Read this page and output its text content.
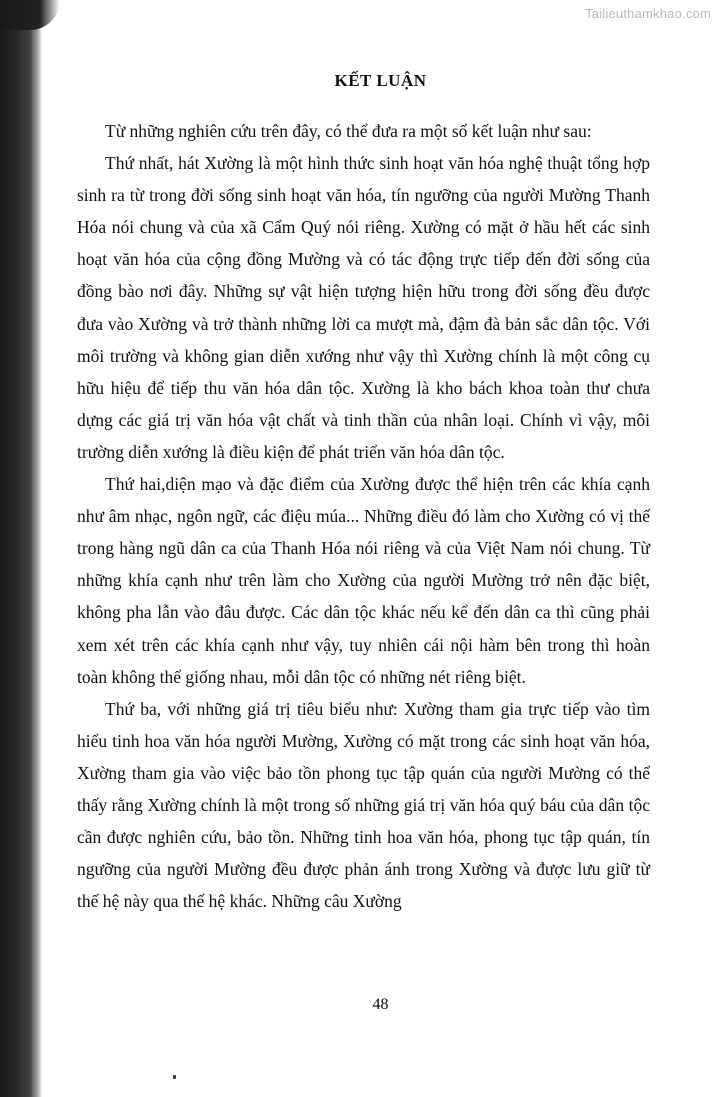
Tailieuthamkhao.com
KẾT LUẬN

Từ những nghiên cứu trên đây, có thể đưa ra một số kết luận như sau:

Thứ nhất, hát Xường là một hình thức sinh hoạt văn hóa nghệ thuật tổng hợp sinh ra từ trong đời sống sinh hoạt văn hóa, tín ngưỡng của người Mường Thanh Hóa nói chung và của xã Cẩm Quý nói riêng. Xường có mặt ở hầu hết các sinh hoạt văn hóa của cộng đồng Mường và có tác động trực tiếp đến đời sống của đồng bào nơi đây. Những sự vật hiện tượng hiện hữu trong đời sống đều được đưa vào Xường và trở thành những lời ca mượt mà, đậm đà bản sắc dân tộc. Với môi trường và không gian diễn xướng như vậy thì Xường chính là một công cụ hữu hiệu để tiếp thu văn hóa dân tộc. Xường là kho bách khoa toàn thư chưa dựng các giá trị văn hóa vật chất và tinh thần của nhân loại. Chính vì vậy, môi trường diễn xướng là điều kiện để phát triển văn hóa dân tộc.

Thứ hai,diện mạo và đặc điểm của Xường được thể hiện trên các khía cạnh như âm nhạc, ngôn ngữ, các điệu múa... Những điều đó làm cho Xường có vị thế trong hàng ngũ dân ca của Thanh Hóa nói riêng và của Việt Nam nói chung. Từ những khía cạnh như trên làm cho Xường của người Mường trở nên đặc biệt, không pha lẫn vào đâu được. Các dân tộc khác nếu kể đến dân ca thì cũng phải xem xét trên các khía cạnh như vậy, tuy nhiên cái nội hàm bên trong thì hoàn toàn không thể giống nhau, mỗi dân tộc có những nét riêng biệt.

Thứ ba, với những giá trị tiêu biểu như: Xường tham gia trực tiếp vào tìm hiểu tinh hoa văn hóa người Mường, Xường có mặt trong các sinh hoạt văn hóa, Xường tham gia vào việc bảo tồn phong tục tập quán của người Mường có thể thấy rằng Xường chính là một trong số những giá trị văn hóa quý báu của dân tộc cần được nghiên cứu, bảo tồn. Những tinh hoa văn hóa, phong tục tập quán, tín ngưỡng của người Mường đều được phản ánh trong Xường và được lưu giữ từ thế hệ này qua thế hệ khác. Những câu Xường

48
